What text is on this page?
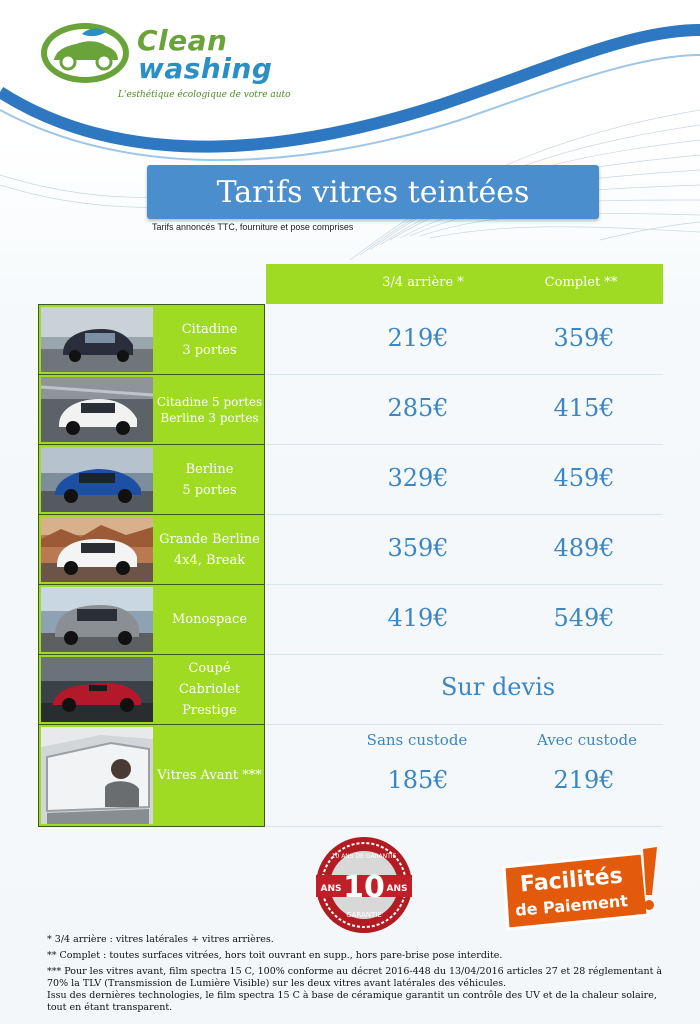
Clean
washing
L'esthétique écologique de votre auto
Tarifs vitres teintées
Tarifs annoncés TTC, fourniture et pose comprises
3/4 arrière *	Complet **
Citadine
3 portes	219€	359€
Citadine 5 portes
Berline 3 portes	285€	415€
Berline
5 portes	329€	459€
Grande Berline
4x4, Break	359€	489€
Monospace	419€	549€
Coupé
Cabriolet
Prestige
Sur devis
Vitres Avant ***
Sans custode	Avec custode
185€	219€
10 ANS DE GARANTIE
ANS	ANS
10
GARANTIE
Facilités
de Paiement

* 3/4 arrière : vitres latérales + vitres arrières.

** Complet : toutes surfaces vitrées, hors toit ouvrant en supp., hors pare-brise pose interdite.

*** Pour les vitres avant, film spectra 15 C, 100% conforme au décret 2016-448 du 13/04/2016 articles 27 et 28 réglementant à 70% la TLV (Transmission de Lumière Visible) sur les deux vitres avant latérales des véhicules.

Issu des dernières technologies, le film spectra 15 C à base de céramique garantit un contrôle des UV et de la chaleur solaire, tout en étant transparent.
